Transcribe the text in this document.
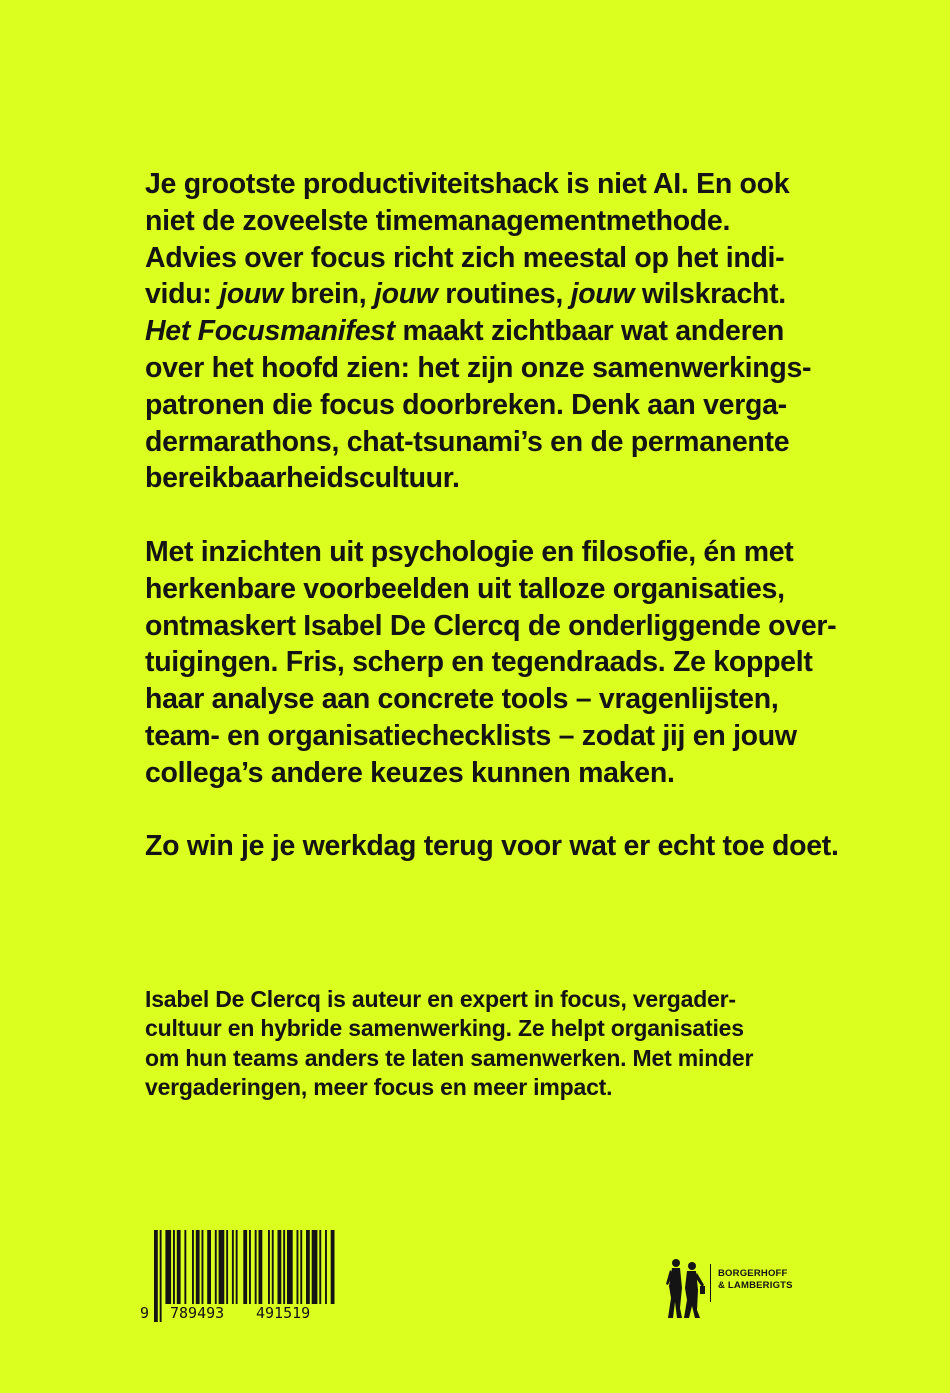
Je grootste productiviteitshack is niet AI. En ook
niet de zoveelste timemanagementmethode.
Advies over focus richt zich meestal op het indi-
vidu: jouw brein, jouw routines, jouw wilskracht.
Het Focusmanifest maakt zichtbaar wat anderen
over het hoofd zien: het zijn onze samenwerkings-
patronen die focus doorbreken. Denk aan verga-
dermarathons, chat-tsunami’s en de permanente
bereikbaarheidscultuur.
Met inzichten uit psychologie en filosofie, én met
herkenbare voorbeelden uit talloze organisaties,
ontmaskert Isabel De Clercq de onderliggende over-
tuigingen. Fris, scherp en tegendraads. Ze koppelt
haar analyse aan concrete tools – vragenlijsten,
team- en organisatiechecklists – zodat jij en jouw
collega’s andere keuzes kunnen maken.
Zo win je je werkdag terug voor wat er echt toe doet.
Isabel De Clercq is auteur en expert in focus, vergader-
cultuur en hybride samenwerking. Ze helpt organisaties
om hun teams anders te laten samenwerken. Met minder
vergaderingen, meer focus en meer impact.
9 789493 491519
BORGERHOFF
& LAMBERIGTS
